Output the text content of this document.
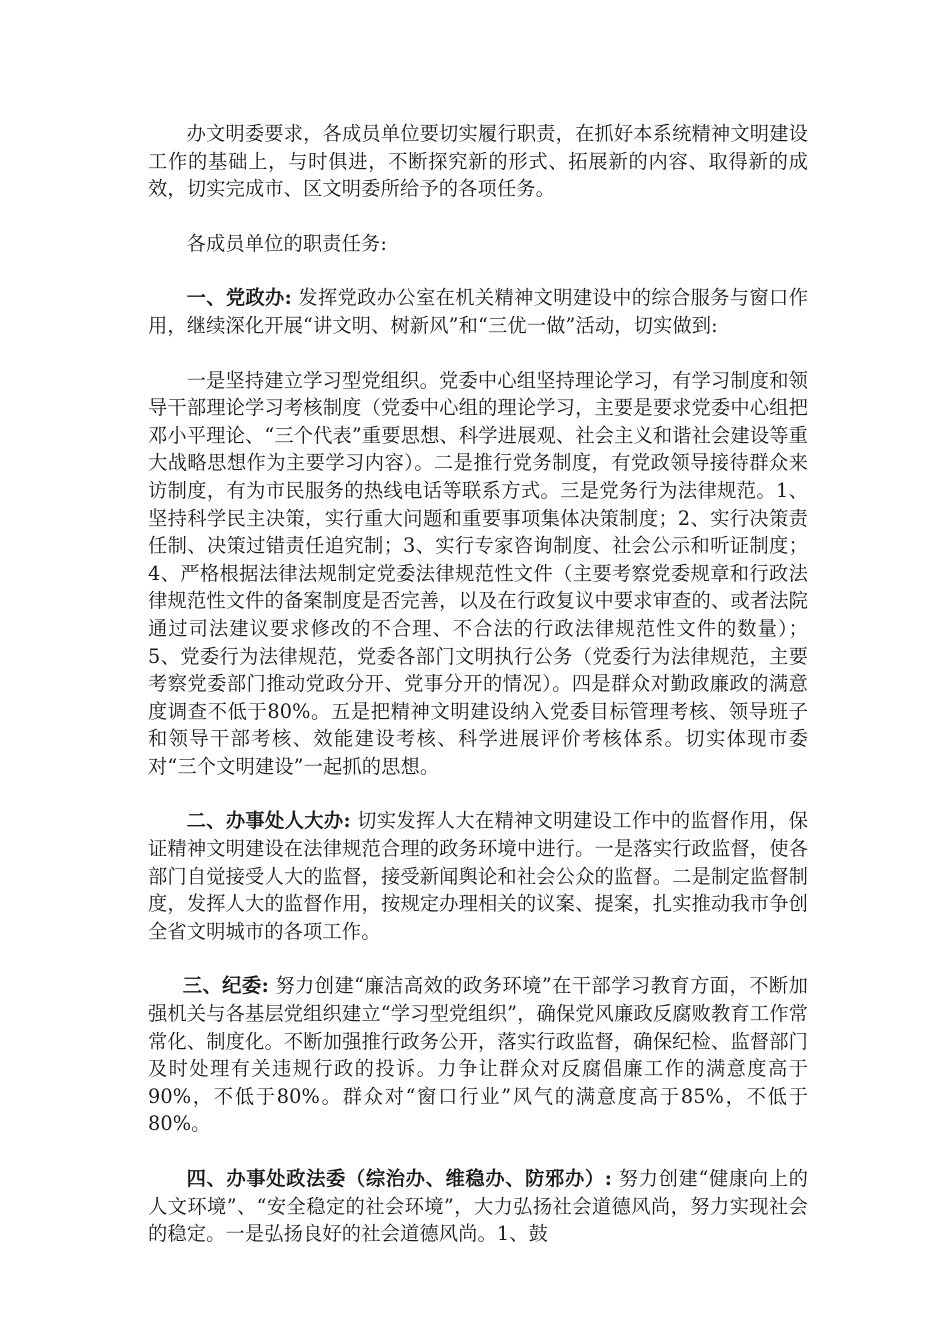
办文明委要求，各成员单位要切实履行职责，在抓好本系统精神文明建设工作的基础上，与时俱进，不断探究新的形式、拓展新的内容、取得新的成效，切实完成市、区文明委所给予的各项任务。

各成员单位的职责任务:

一、党政办: 发挥党政办公室在机关精神文明建设中的综合服务与窗口作用，继续深化开展“讲文明、树新风”和“三优一做”活动，切实做到:

一是坚持建立学习型党组织。党委中心组坚持理论学习，有学习制度和领导干部理论学习考核制度（党委中心组的理论学习，主要是要求党委中心组把邓小平理论、“三个代表”重要思想、科学进展观、社会主义和谐社会建设等重大战略思想作为主要学习内容）。二是推行党务制度，有党政领导接待群众来访制度，有为市民服务的热线电话等联系方式。三是党务行为法律规范。1、坚持科学民主决策，实行重大问题和重要事项集体决策制度；2、实行决策责任制、决策过错责任追究制；3、实行专家咨询制度、社会公示和听证制度；4、严格根据法律法规制定党委法律规范性文件（主要考察党委规章和行政法律规范性文件的备案制度是否完善，以及在行政复议中要求审查的、或者法院通过司法建议要求修改的不合理、不合法的行政法律规范性文件的数量）；5、党委行为法律规范，党委各部门文明执行公务（党委行为法律规范，主要考察党委部门推动党政分开、党事分开的情况）。四是群众对勤政廉政的满意度调查不低于80%。五是把精神文明建设纳入党委目标管理考核、领导班子和领导干部考核、效能建设考核、科学进展评价考核体系。切实体现市委对“三个文明建设”一起抓的思想。

二、办事处人大办: 切实发挥人大在精神文明建设工作中的监督作用，保证精神文明建设在法律规范合理的政务环境中进行。一是落实行政监督，使各部门自觉接受人大的监督，接受新闻舆论和社会公众的监督。二是制定监督制度，发挥人大的监督作用，按规定办理相关的议案、提案，扎实推动我市争创全省文明城市的各项工作。

三、纪委: 努力创建“廉洁高效的政务环境”在干部学习教育方面，不断加强机关与各基层党组织建立“学习型党组织”，确保党风廉政反腐败教育工作常常化、制度化。不断加强推行政务公开，落实行政监督，确保纪检、监督部门及时处理有关违规行政的投诉。力争让群众对反腐倡廉工作的满意度高于90%，不低于80%。群众对“窗口行业”风气的满意度高于85%，不低于80%。

四、办事处政法委（综治办、维稳办、防邪办）: 努力创建“健康向上的人文环境”、“安全稳定的社会环境”，大力弘扬社会道德风尚，努力实现社会的稳定。一是弘扬良好的社会道德风尚。1、鼓
